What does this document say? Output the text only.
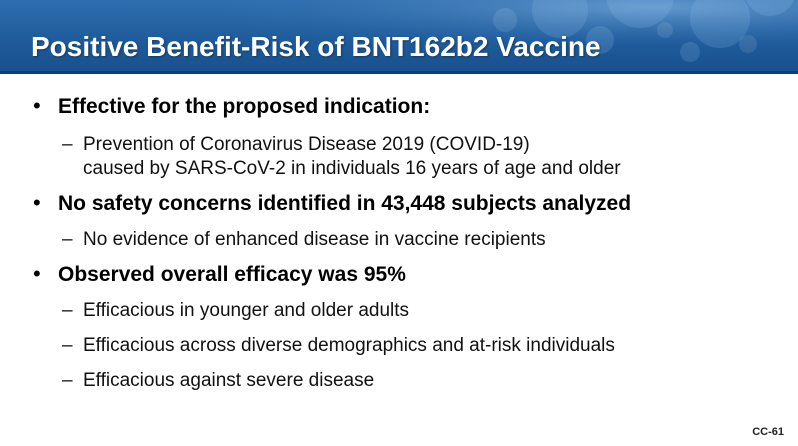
Positive Benefit-Risk of BNT162b2 Vaccine
• Effective for the proposed indication:
– Prevention of Coronavirus Disease 2019 (COVID-19)
caused by SARS-CoV-2 in individuals 16 years of age and older
• No safety concerns identified in 43,448 subjects analyzed
– No evidence of enhanced disease in vaccine recipients
• Observed overall efficacy was 95%
– Efficacious in younger and older adults
– Efficacious across diverse demographics and at-risk individuals
– Efficacious against severe disease
CC-61
